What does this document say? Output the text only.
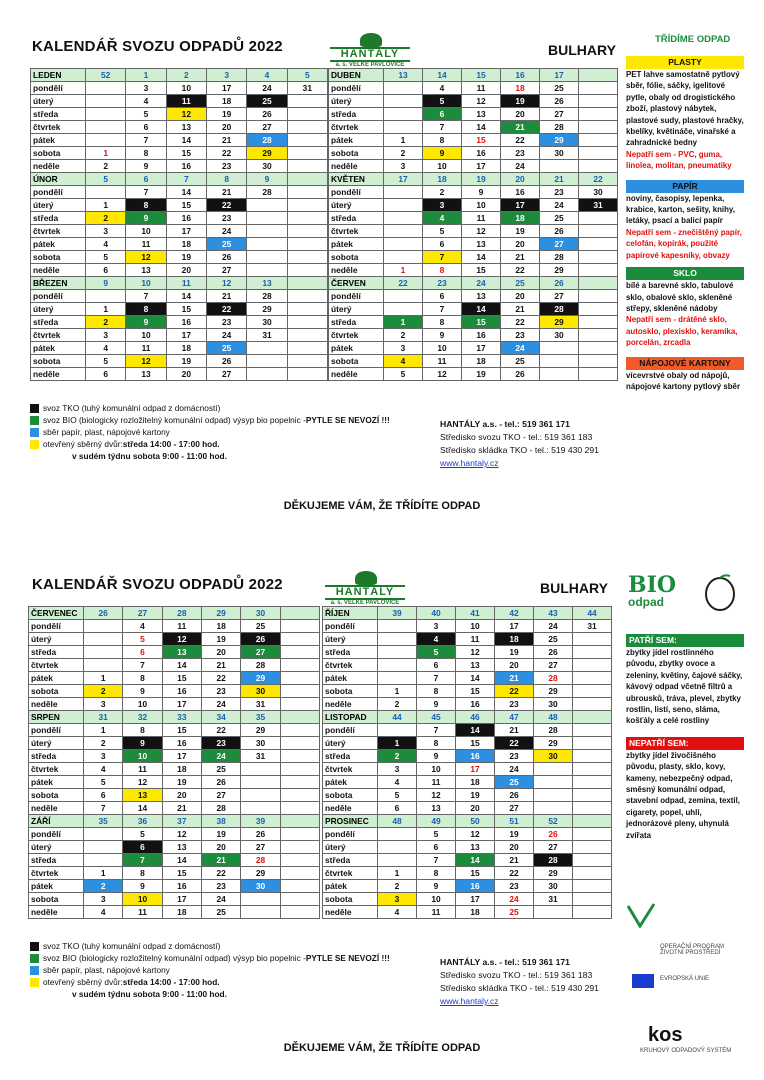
KALENDÁŘ SVOZU ODPADŮ 2022	HANTÁLY
a. s. VELKÉ PAVLOVICE
BULHARY
LEDEN	52	1	2	3	4	5
pondělí		3	10	17	24	31
úterý		4	11	18	25	
středa		5	12	19	26	
čtvrtek		6	13	20	27	
pátek		7	14	21	28	
sobota	1	8	15	22	29	
neděle	2	9	16	23	30	
ÚNOR	5	6	7	8	9	
pondělí		7	14	21	28	
úterý	1	8	15	22		
středa	2	9	16	23		
čtvrtek	3	10	17	24		
pátek	4	11	18	25		
sobota	5	12	19	26		
neděle	6	13	20	27		
BŘEZEN	9	10	11	12	13	
pondělí		7	14	21	28	
úterý	1	8	15	22	29	
středa	2	9	16	23	30	
čtvrtek	3	10	17	24	31	
pátek	4	11	18	25		
sobota	5	12	19	26		
neděle	6	13	20	27		
DUBEN	13	14	15	16	17	
pondělí		4	11	18	25	
úterý		5	12	19	26	
středa		6	13	20	27	
čtvrtek		7	14	21	28	
pátek	1	8	15	22	29	
sobota	2	9	16	23	30	
neděle	3	10	17	24		
KVĚTEN	17	18	19	20	21	22
pondělí		2	9	16	23	30
úterý		3	10	17	24	31
středa		4	11	18	25	
čtvrtek		5	12	19	26	
pátek		6	13	20	27	
sobota		7	14	21	28	
neděle	1	8	15	22	29	
ČERVEN	22	23	24	25	26	
pondělí		6	13	20	27	
úterý		7	14	21	28	
středa	1	8	15	22	29	
čtvrtek	2	9	16	23	30	
pátek	3	10	17	24		
sobota	4	11	18	25		
neděle	5	12	19	26		
svoz TKO (tuhý komunální odpad z domácností)
svoz BIO (biologicky rozložitelný komunální odpad) výsyp bio popelnic - PYTLE SE NEVOZÍ !!!
sběr papír, plast, nápojové kartony
otevřený sběrný dvůr: středa 14:00 - 17:00 hod.
v sudém týdnu sobota 9:00 - 11:00 hod.
HANTÁLY a.s. - tel.: 519 361 171
Středisko svozu TKO - tel.: 519 361 183
Středisko skládka TKO - tel.: 519 430 291
www.hantaly.cz
DĚKUJEME VÁM, ŽE TŘÍDÍTE ODPAD
TŘÍDÍME ODPAD
PLASTY
PET lahve samostatně pytlový sběr, fólie, sáčky, igelitové pytle, obaly od drogistického zboží, plastový nábytek, plastové sudy, plastové hračky, kbelíky, květináče, vinařské a zahradnické bedny
Nepatří sem - PVC, guma, linolea, molitan, pneumatiky
PAPÍR
noviny, časopisy, lepenka, krabice, karton, sešity, knihy, letáky, psací a balicí papír
Nepatří sem - znečištěný papír, celofán, kopírák, použité papírové kapesníky, obvazy
SKLO
bílé a barevné sklo, tabulové sklo, obalové sklo, skleněné střepy, skleněné nádoby
Nepatří sem - drátěné sklo, autosklo, plexisklo, keramika, porcelán, zrcadla
NÁPOJOVÉ KARTONY
vícevrstvé obaly od nápojů, nápojové kartony pytlový sběr
KALENDÁŘ SVOZU ODPADŮ 2022	HANTÁLY
a. s. VELKÉ PAVLOVICE
BULHARY
ČERVENEC	26	27	28	29	30	
pondělí		4	11	18	25	
úterý		5	12	19	26	
středa		6	13	20	27	
čtvrtek		7	14	21	28	
pátek	1	8	15	22	29	
sobota	2	9	16	23	30	
neděle	3	10	17	24	31	
SRPEN	31	32	33	34	35	
pondělí	1	8	15	22	29	
úterý	2	9	16	23	30	
středa	3	10	17	24	31	
čtvrtek	4	11	18	25		
pátek	5	12	19	26		
sobota	6	13	20	27		
neděle	7	14	21	28		
ZÁŘÍ	35	36	37	38	39	
pondělí		5	12	19	26	
úterý		6	13	20	27	
středa		7	14	21	28	
čtvrtek	1	8	15	22	29	
pátek	2	9	16	23	30	
sobota	3	10	17	24		
neděle	4	11	18	25		
ŘÍJEN	39	40	41	42	43	44
pondělí		3	10	17	24	31
úterý		4	11	18	25	
středa		5	12	19	26	
čtvrtek		6	13	20	27	
pátek		7	14	21	28	
sobota	1	8	15	22	29	
neděle	2	9	16	23	30	
LISTOPAD	44	45	46	47	48	
pondělí		7	14	21	28	
úterý	1	8	15	22	29	
středa	2	9	16	23	30	
čtvrtek	3	10	17	24		
pátek	4	11	18	25		
sobota	5	12	19	26		
neděle	6	13	20	27		
PROSINEC	48	49	50	51	52	
pondělí		5	12	19	26	
úterý		6	13	20	27	
středa		7	14	21	28	
čtvrtek	1	8	15	22	29	
pátek	2	9	16	23	30	
sobota	3	10	17	24	31	
neděle	4	11	18	25		
svoz TKO (tuhý komunální odpad z domácností)
svoz BIO (biologicky rozložitelný komunální odpad) výsyp bio popelnic - PYTLE SE NEVOZÍ !!!
sběr papír, plast, nápojové kartony
otevřený sběrný dvůr: středa 14:00 - 17:00 hod.
v sudém týdnu sobota 9:00 - 11:00 hod.
HANTÁLY a.s. - tel.: 519 361 171
Středisko svozu TKO - tel.: 519 361 183
Středisko skládka TKO - tel.: 519 430 291
www.hantaly.cz
DĚKUJEME VÁM, ŽE TŘÍDÍTE ODPAD
BIO
odpad
PATŘÍ SEM:
zbytky jídel rostlinného původu, zbytky ovoce a zeleniny, květiny, čajové sáčky, kávový odpad včetně filtrů a ubrousků, tráva, plevel, zbytky rostlin, listí, seno, sláma, košťály a celé rostliny
NEPATŘÍ SEM:
zbytky jídel živočišného původu, plasty, sklo, kovy, kameny, nebezpečný odpad, směsný komunální odpad, stavební odpad, zemina, textil, cigarety, popel, uhlí, jednorázové pleny, uhynulá zvířata
OPERAČNÍ PROGRAM ŽIVOTNÍ PROSTŘEDÍ
EVROPSKÁ UNIE
kos
KRUHOVÝ ODPADOVÝ SYSTÉM
